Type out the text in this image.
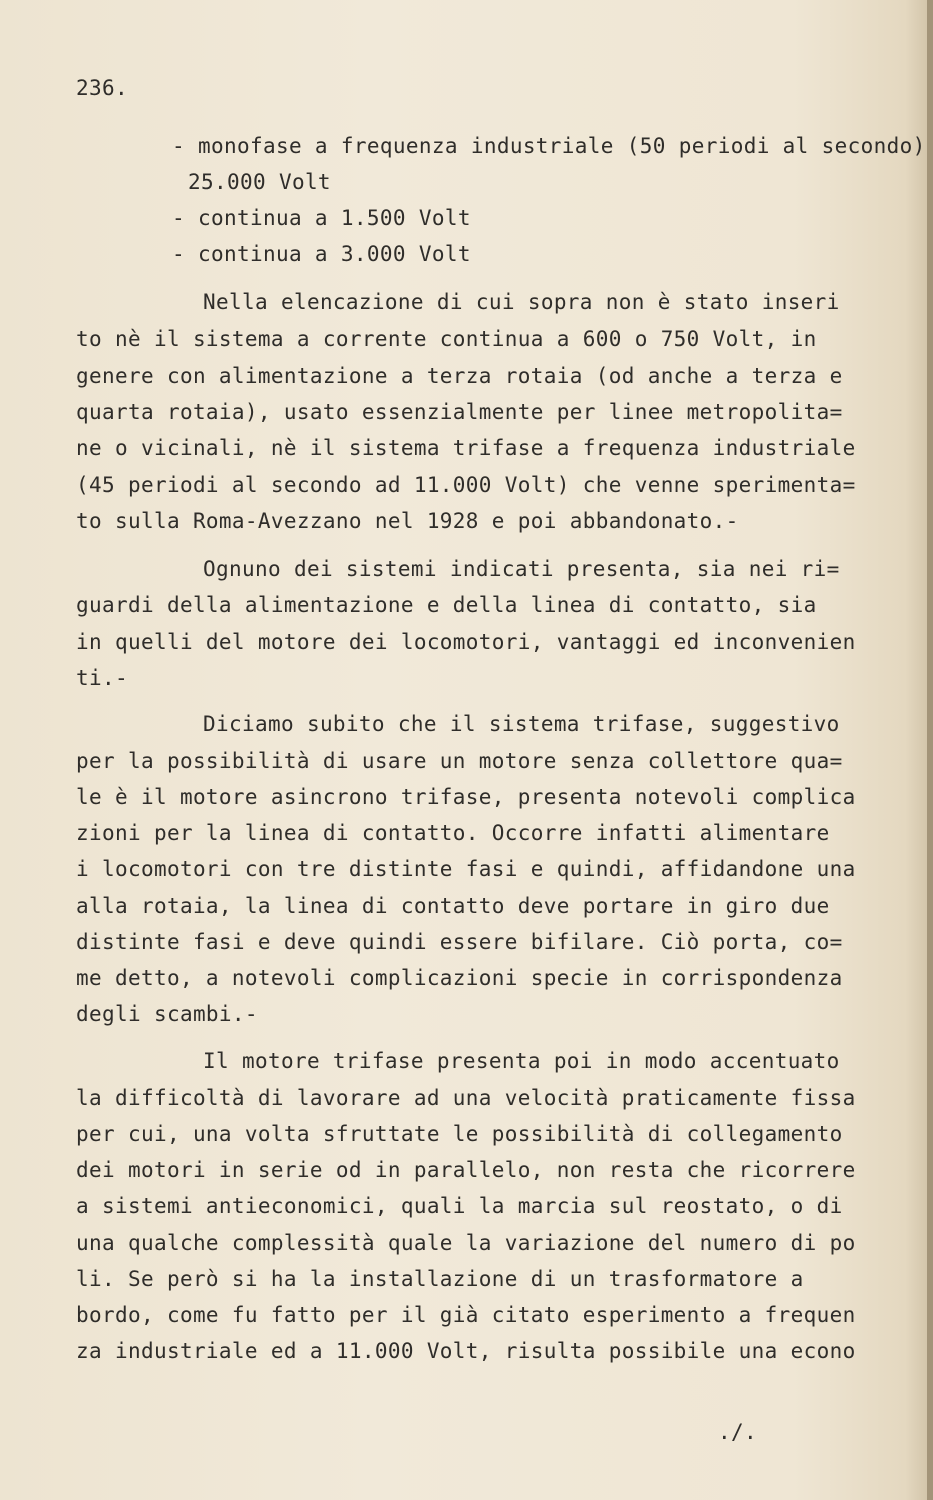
236.
- monofase a frequenza industriale (50 periodi al secondo)
25.000 Volt
- continua a 1.500 Volt
- continua a 3.000 Volt
Nella elencazione di cui sopra non è stato inseri
to nè il sistema a corrente continua a 600 o 750 Volt, in
genere con alimentazione a terza rotaia (od anche a terza e
quarta rotaia), usato essenzialmente per linee metropolita=
ne o vicinali, nè il sistema trifase a frequenza industriale
(45 periodi al secondo ad 11.000 Volt) che venne sperimenta=
to sulla Roma-Avezzano nel 1928 e poi abbandonato.-
Ognuno dei sistemi indicati presenta, sia nei ri=
guardi della alimentazione e della linea di contatto, sia
in quelli del motore dei locomotori, vantaggi ed inconvenien
ti.-
Diciamo subito che il sistema trifase, suggestivo
per la possibilità di usare un motore senza collettore qua=
le è il motore asincrono trifase, presenta notevoli complica
zioni per la linea di contatto. Occorre infatti alimentare
i locomotori con tre distinte fasi e quindi, affidandone una
alla rotaia, la linea di contatto deve portare in giro due
distinte fasi e deve quindi essere bifilare. Ciò porta, co=
me detto, a notevoli complicazioni specie in corrispondenza
degli scambi.-
Il motore trifase presenta poi in modo accentuato
la difficoltà di lavorare ad una velocità praticamente fissa
per cui, una volta sfruttate le possibilità di collegamento
dei motori in serie od in parallelo, non resta che ricorrere
a sistemi antieconomici, quali la marcia sul reostato, o di
una qualche complessità quale la variazione del numero di po
li. Se però si ha la installazione di un trasformatore a
bordo, come fu fatto per il già citato esperimento a frequen
za industriale ed a 11.000 Volt, risulta possibile una econo
./.
